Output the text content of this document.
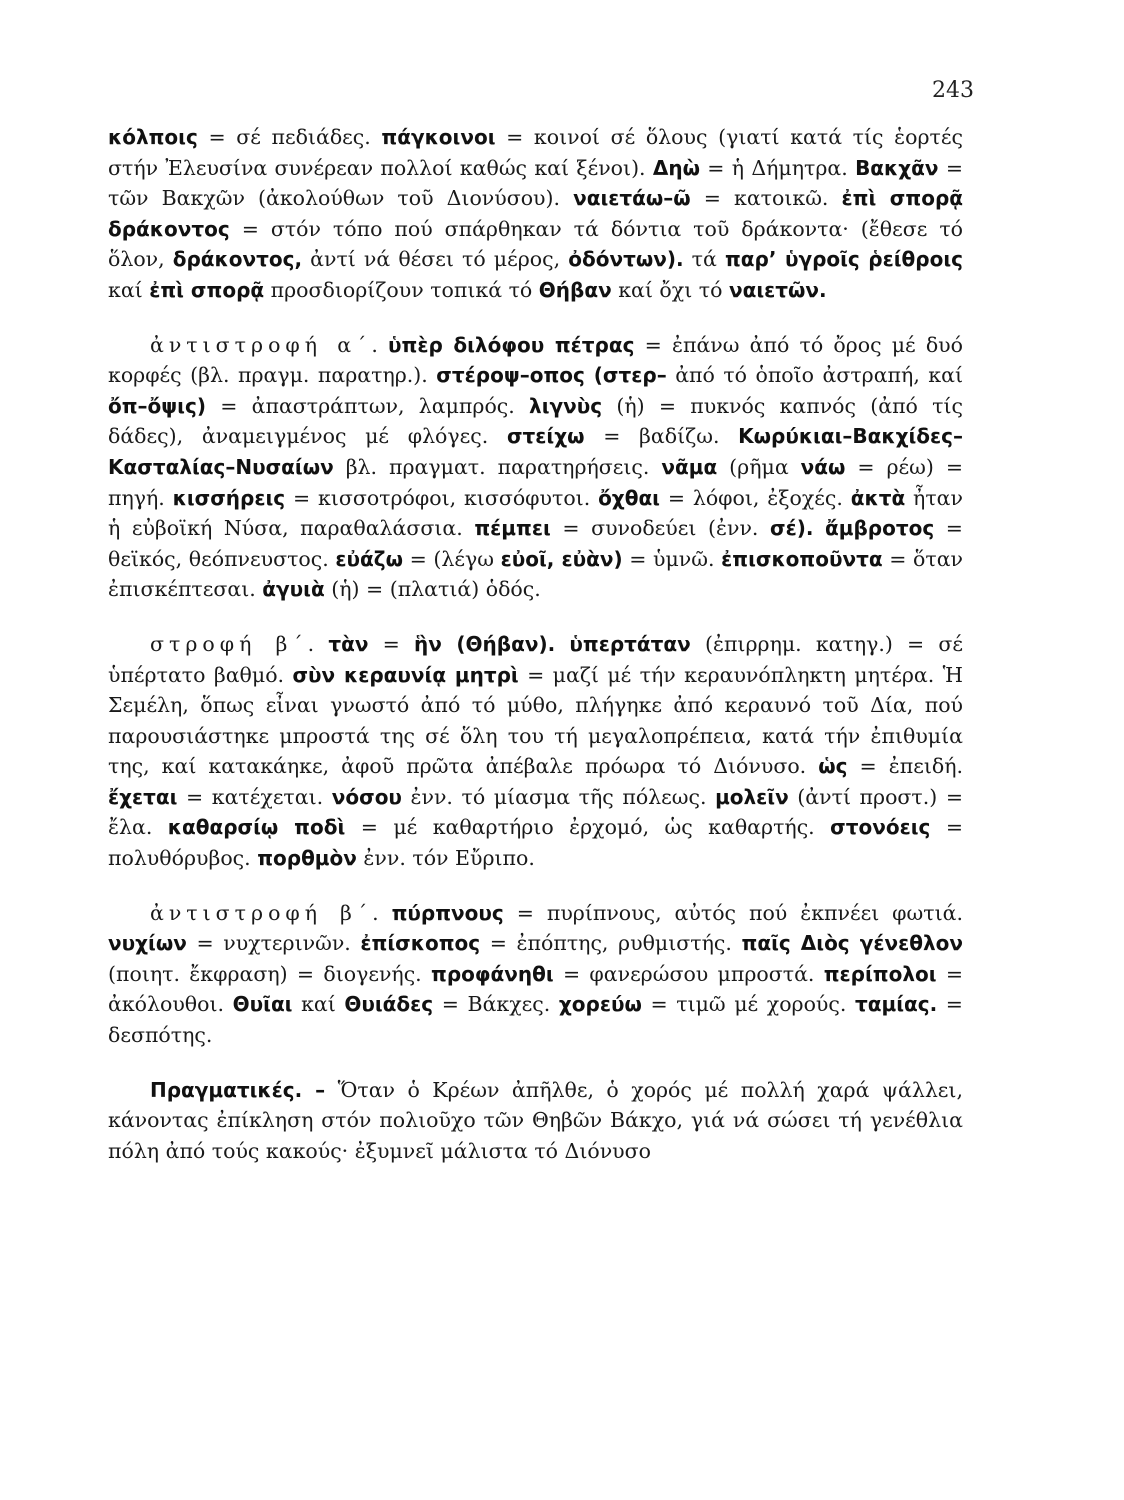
243

κόλποις = σέ πεδιάδες. πάγκοινοι = κοινοί σέ ὅλους (γιατί κατά τίς ἑορτές στήν Ἐλευσίνα συνέρεαν πολλοί καθώς καί ξένοι). Δηὼ = ἡ Δήμητρα. Βακχᾶν = τῶν Βακχῶν (ἀκολούθων τοῦ Διονύσου). ναιετάω–ῶ = κατοικῶ. ἐπὶ σπορᾷ δράκοντος = στόν τόπο πού σπάρθηκαν τά δόντια τοῦ δράκοντα· (ἔθεσε τό ὅλον, δράκοντος, ἀντί νά θέσει τό μέρος, ὀδόντων). τά παρ’ ὑγροῖς ῥείθροις καί ἐπὶ σπορᾷ προσδιορίζουν τοπικά τό Θήβαν καί ὄχι τό ναιετῶν.

ἀντιστροφή α΄. ὑπὲρ διλόφου πέτρας = ἐπάνω ἀπό τό ὄρος μέ δυό κορφές (βλ. πραγμ. παρατηρ.). στέροψ–οπος (στερ– ἀπό τό ὁποῖο ἀστραπή, καί ὄπ–ὄψις) = ἀπαστράπτων, λαμπρός. λιγνὺς (ἡ) = πυκνός καπνός (ἀπό τίς δάδες), ἀναμειγμένος μέ φλόγες. στείχω = βαδίζω. Κωρύκιαι–Βακχίδες–Κασταλίας–Νυσαίων βλ. πραγματ. παρατηρήσεις. νᾶμα (ρῆμα νάω = ρέω) = πηγή. κισσήρεις = κισσοτρόφοι, κισσόφυτοι. ὄχθαι = λόφοι, ἐξοχές. ἀκτὰ ἦταν ἡ εὐβοϊκή Νύσα, παραθαλάσσια. πέμπει = συνοδεύει (ἐνν. σέ). ἄμβροτος = θεϊκός, θεόπνευστος. εὐάζω = (λέγω εὐοῖ, εὐὰν) = ὑμνῶ. ἐπισκοποῦντα = ὅταν ἐπισκέπτεσαι. ἀγυιὰ (ἡ) = (πλατιά) ὁδός.

στροφή β΄. τὰν = ἣν (Θήβαν). ὑπερτάταν (ἐπιρρημ. κατηγ.) = σέ ὑπέρτατο βαθμό. σὺν κεραυνίᾳ μητρὶ = μαζί μέ τήν κεραυνόπληκτη μητέρα. Ἡ Σεμέλη, ὅπως εἶναι γνωστό ἀπό τό μύθο, πλήγηκε ἀπό κεραυνό τοῦ Δία, πού παρουσιάστηκε μπροστά της σέ ὅλη του τή μεγαλοπρέπεια, κατά τήν ἐπιθυμία της, καί κατακάηκε, ἀφοῦ πρῶτα ἀπέβαλε πρόωρα τό Διόνυσο. ὡς = ἐπειδή. ἔχεται = κατέχεται. νόσου ἐνν. τό μίασμα τῆς πόλεως. μολεῖν (ἀντί προστ.) = ἔλα. καθαρσίῳ ποδὶ = μέ καθαρτήριο ἐρχομό, ὡς καθαρτής. στονόεις = πολυθόρυβος. πορθμὸν ἐνν. τόν Εὔριπο.

ἀντιστροφή β΄. πύρπνους = πυρίπνους, αὐτός πού ἐκπνέει φωτιά. νυχίων = νυχτερινῶν. ἐπίσκοπος = ἐπόπτης, ρυθμιστής. παῖς Διὸς γένεθλον (ποιητ. ἔκφραση) = διογενής. προφάνηθι = φανερώσου μπροστά. περίπολοι = ἀκόλουθοι. Θυῖαι καί Θυιάδες = Βάκχες. χορεύω = τιμῶ μέ χορούς. ταμίας. = δεσπότης.

Πραγματικές. – Ὅταν ὁ Κρέων ἀπῆλθε, ὁ χορός μέ πολλή χαρά ψάλλει, κάνοντας ἐπίκληση στόν πολιοῦχο τῶν Θηβῶν Βάκχο, γιά νά σώσει τή γενέθλια πόλη ἀπό τούς κακούς· ἐξυμνεῖ μάλιστα τό Διόνυσο
